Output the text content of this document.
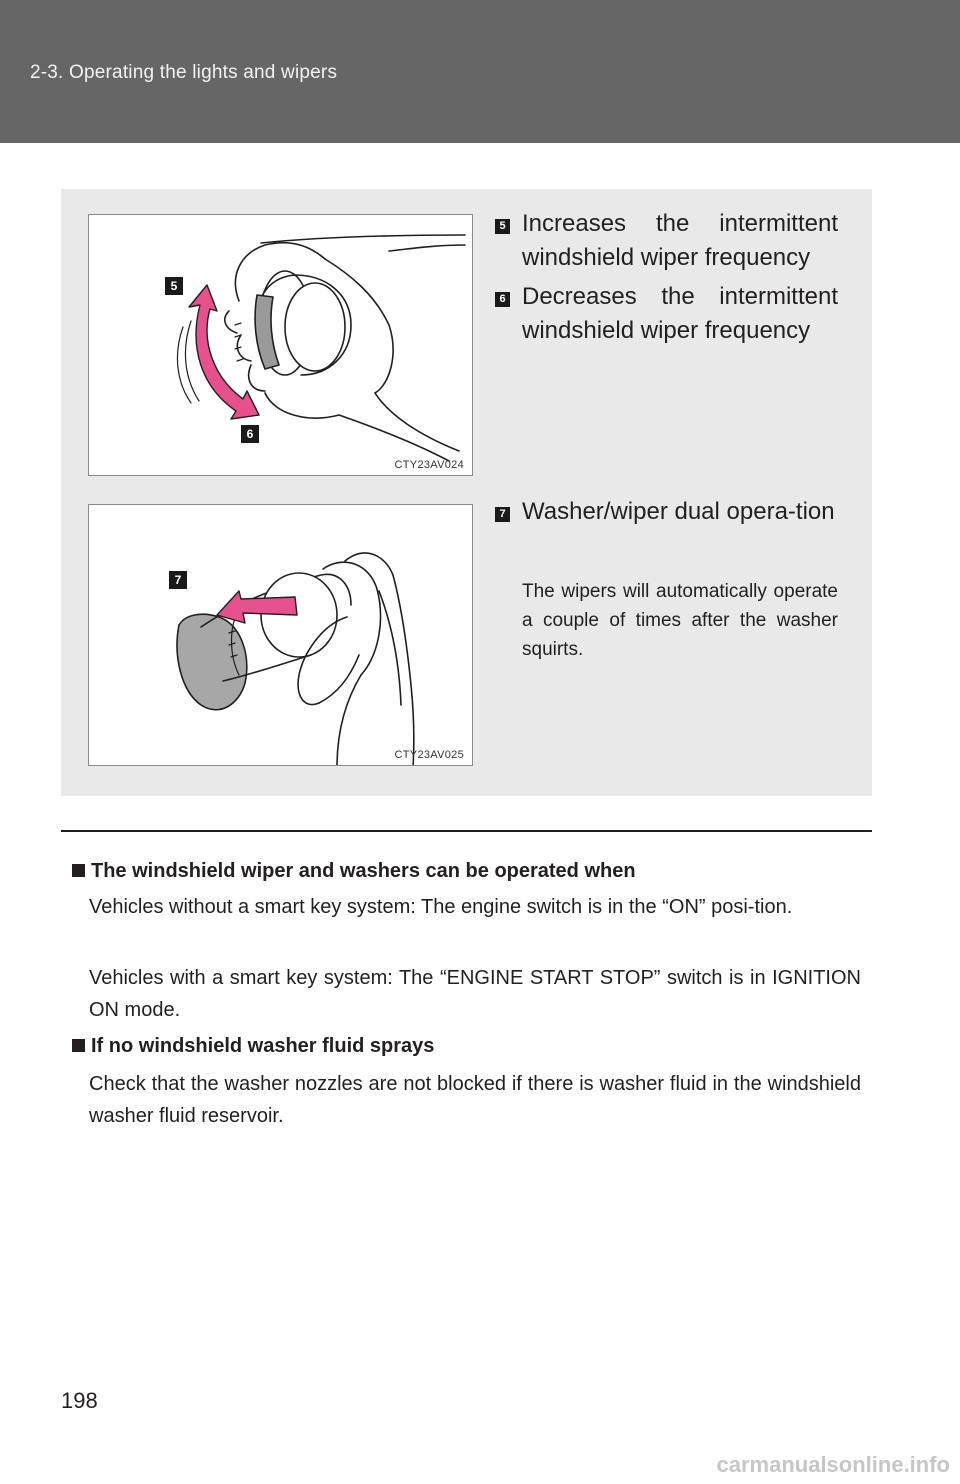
2-3. Operating the lights and wipers
5
6
CTY23AV024
7
CTY23AV025
5 Increases the intermittent windshield wiper frequency
6 Decreases the intermittent windshield wiper frequency
7 Washer/wiper dual opera-tion
The wipers will automatically operate a couple of times after the washer squirts.
The windshield wiper and washers can be operated when
Vehicles without a smart key system: The engine switch is in the “ON” posi-tion.
Vehicles with a smart key system: The “ENGINE START STOP” switch is in IGNITION ON mode.
If no windshield washer fluid sprays
Check that the washer nozzles are not blocked if there is washer fluid in the windshield washer fluid reservoir.
198
carmanualsonline.info
